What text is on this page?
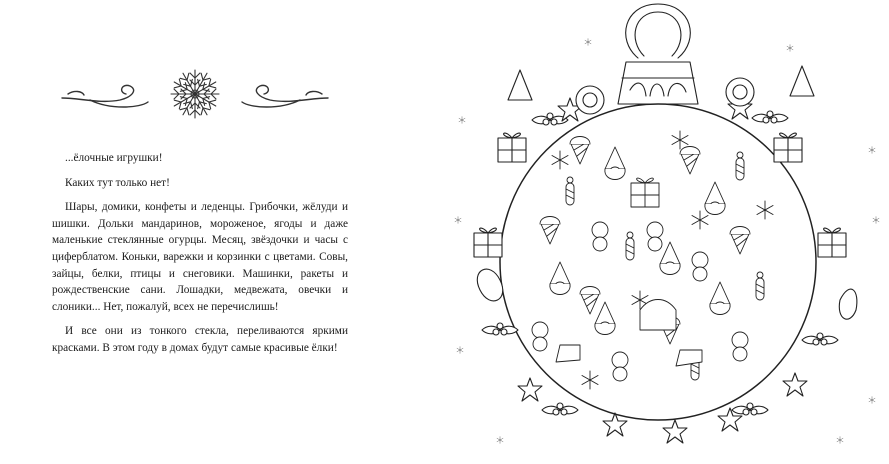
...ёлочные игрушки!

Каких тут только нет!

Шары, домики, конфеты и леденцы. Грибочки, жёлуди и шишки. Дольки мандаринов, мороженое, ягоды и даже маленькие стеклянные огурцы. Месяц, звёздочки и часы с циферблатом. Коньки, варежки и корзинки с цветами. Совы, зайцы, белки, птицы и снеговики. Машинки, ракеты и рождественские сани. Лошадки, медвежата, овечки и слоники... Нет, пожалуй, всех не перечислишь!

И все они из тонкого стекла, переливаются яркими красками. В этом году в домах будут самые красивые ёлки!
